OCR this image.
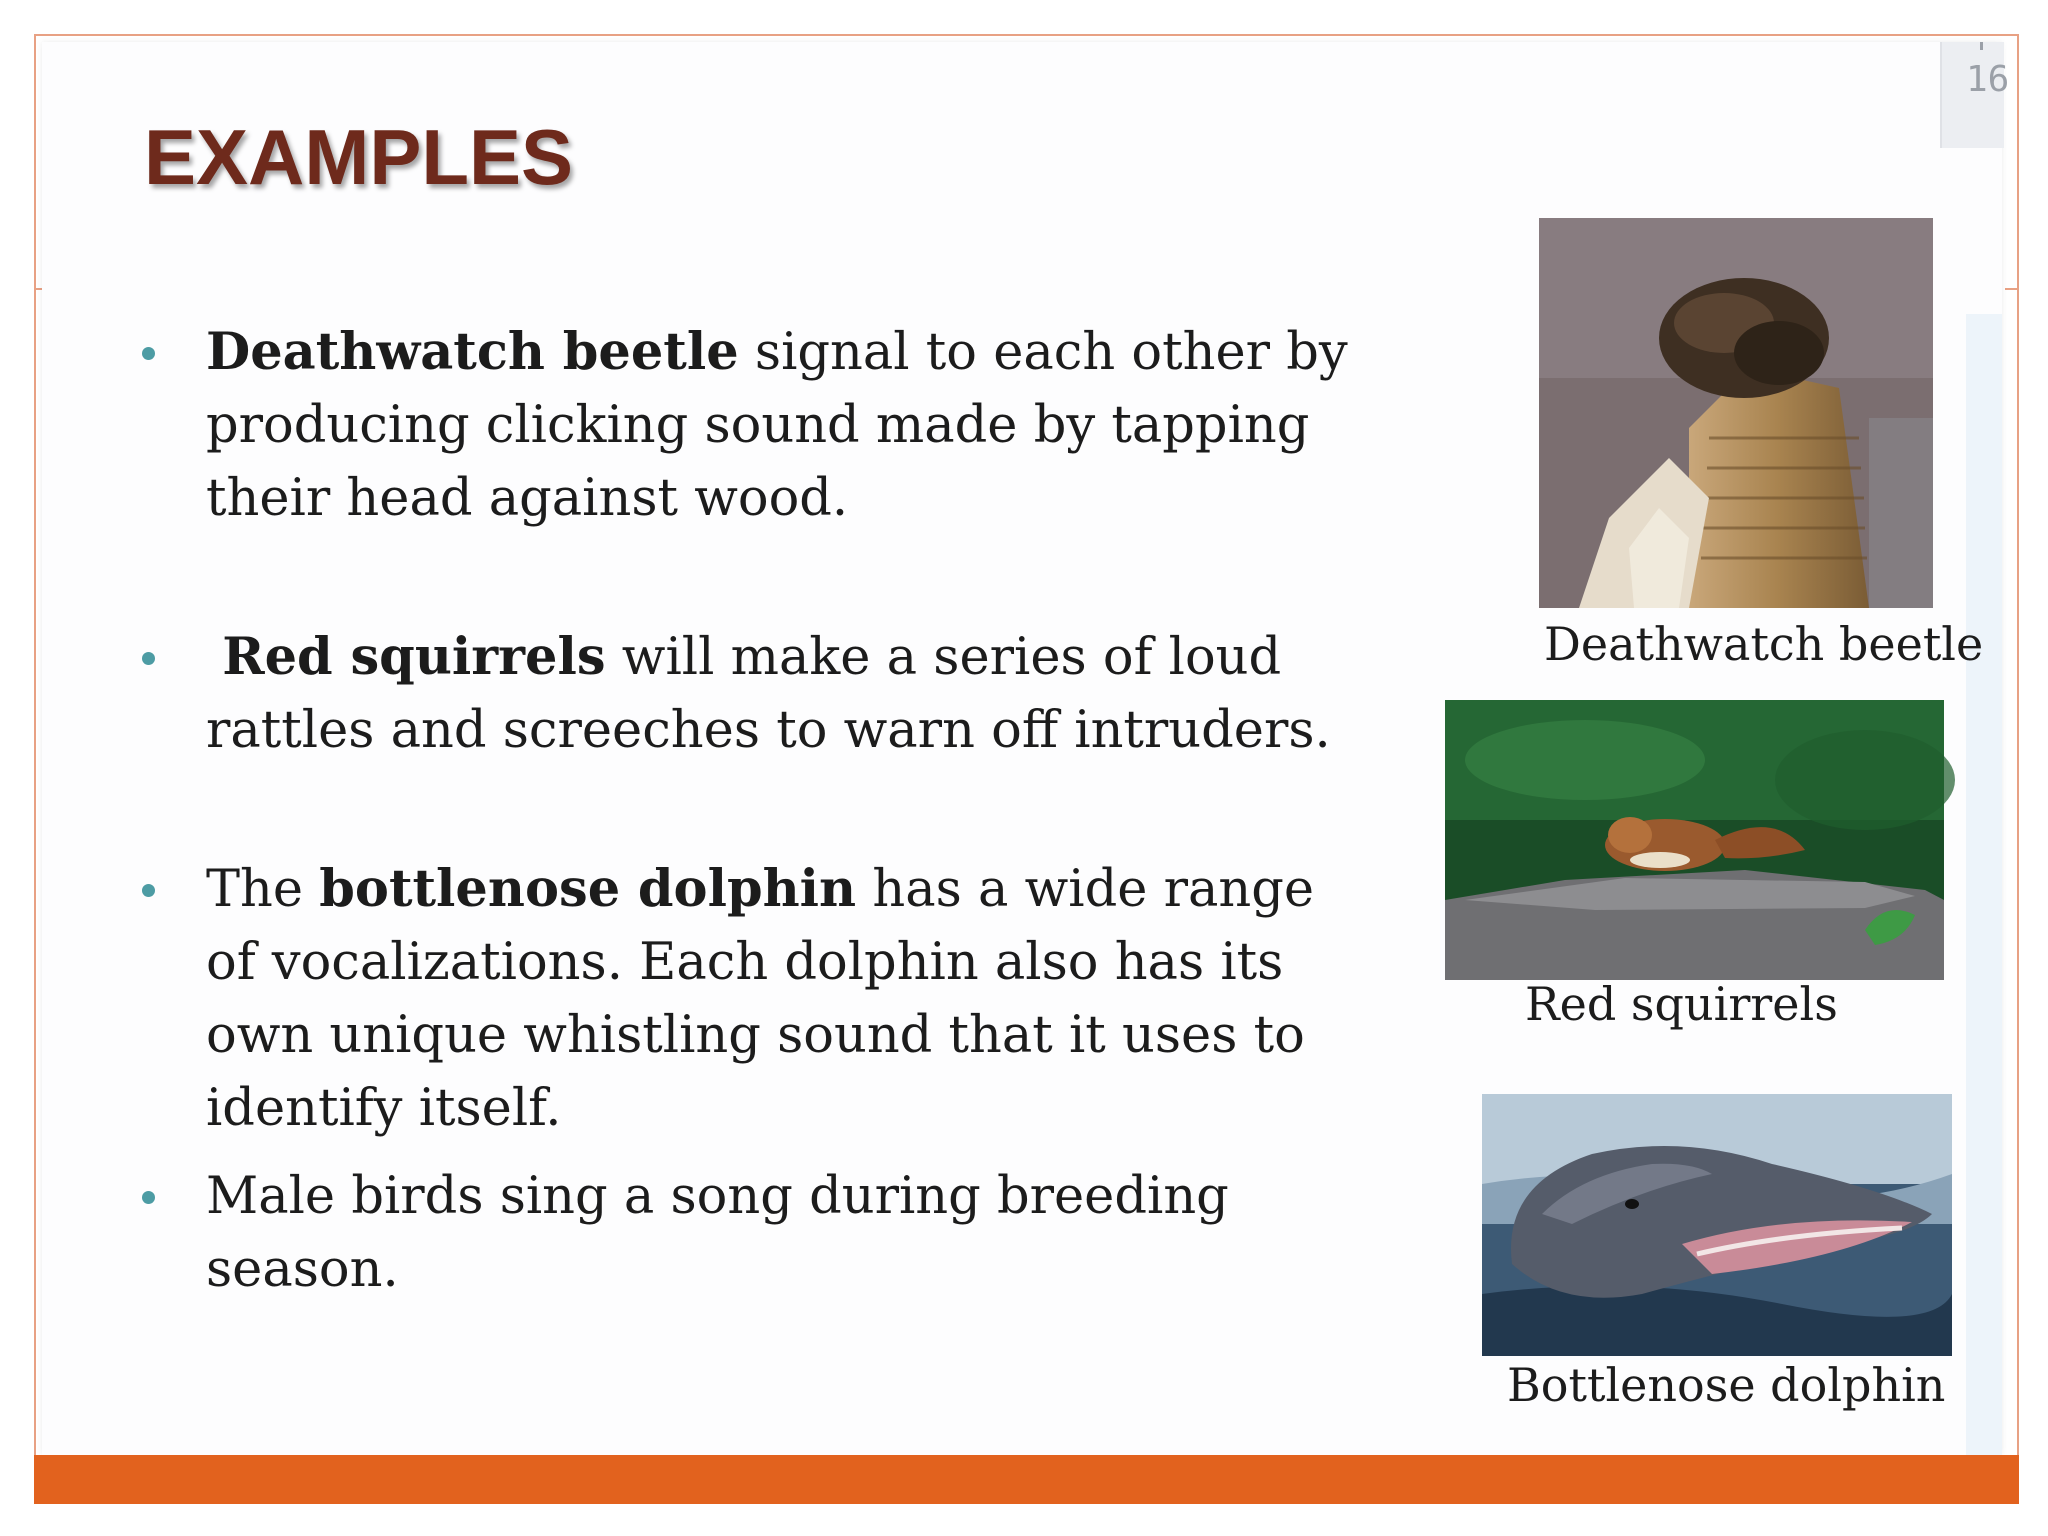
16
EXAMPLES
Deathwatch beetle signal to each other by producing clicking sound made by tapping their head against wood.
Red squirrels will make a series of loud rattles and screeches to warn off intruders.
The bottlenose dolphin has a wide range of vocalizations. Each dolphin also has its own unique whistling sound that it uses to identify itself.
Male birds sing a song during breeding season.
Deathwatch beetle
Red squirrels
Bottlenose dolphin
